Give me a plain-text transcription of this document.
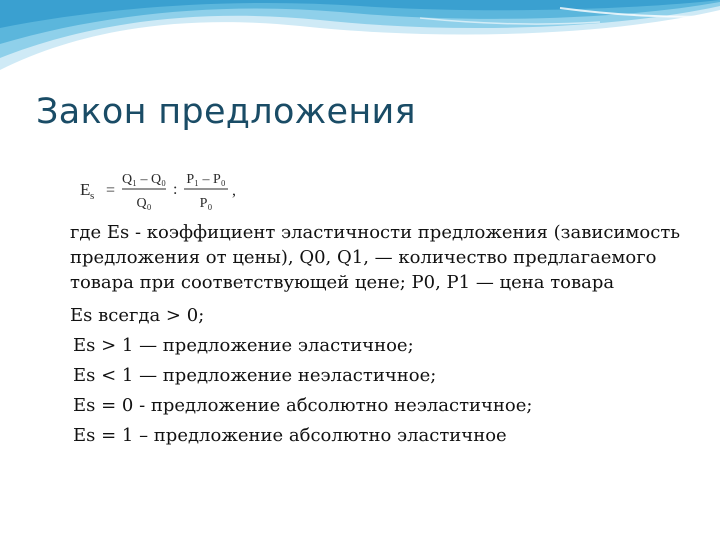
Закон предложения
E s =
Q₁ – Q₀
Q₀
:
P₁ – P₀
P₀
,

где Es - коэффициент эластичности предложения (зависимость предложения от цены), Q0, Q1, — количество предлагаемого товара при соответствующей цене; P0, P1 — цена товара

Es всегда > 0;
Es > 1 — предложение эластичное;
Es < 1 — предложение неэластичное;
Es = 0 - предложение абсолютно неэластичное;
Es = 1 – предложение абсолютно эластичное
